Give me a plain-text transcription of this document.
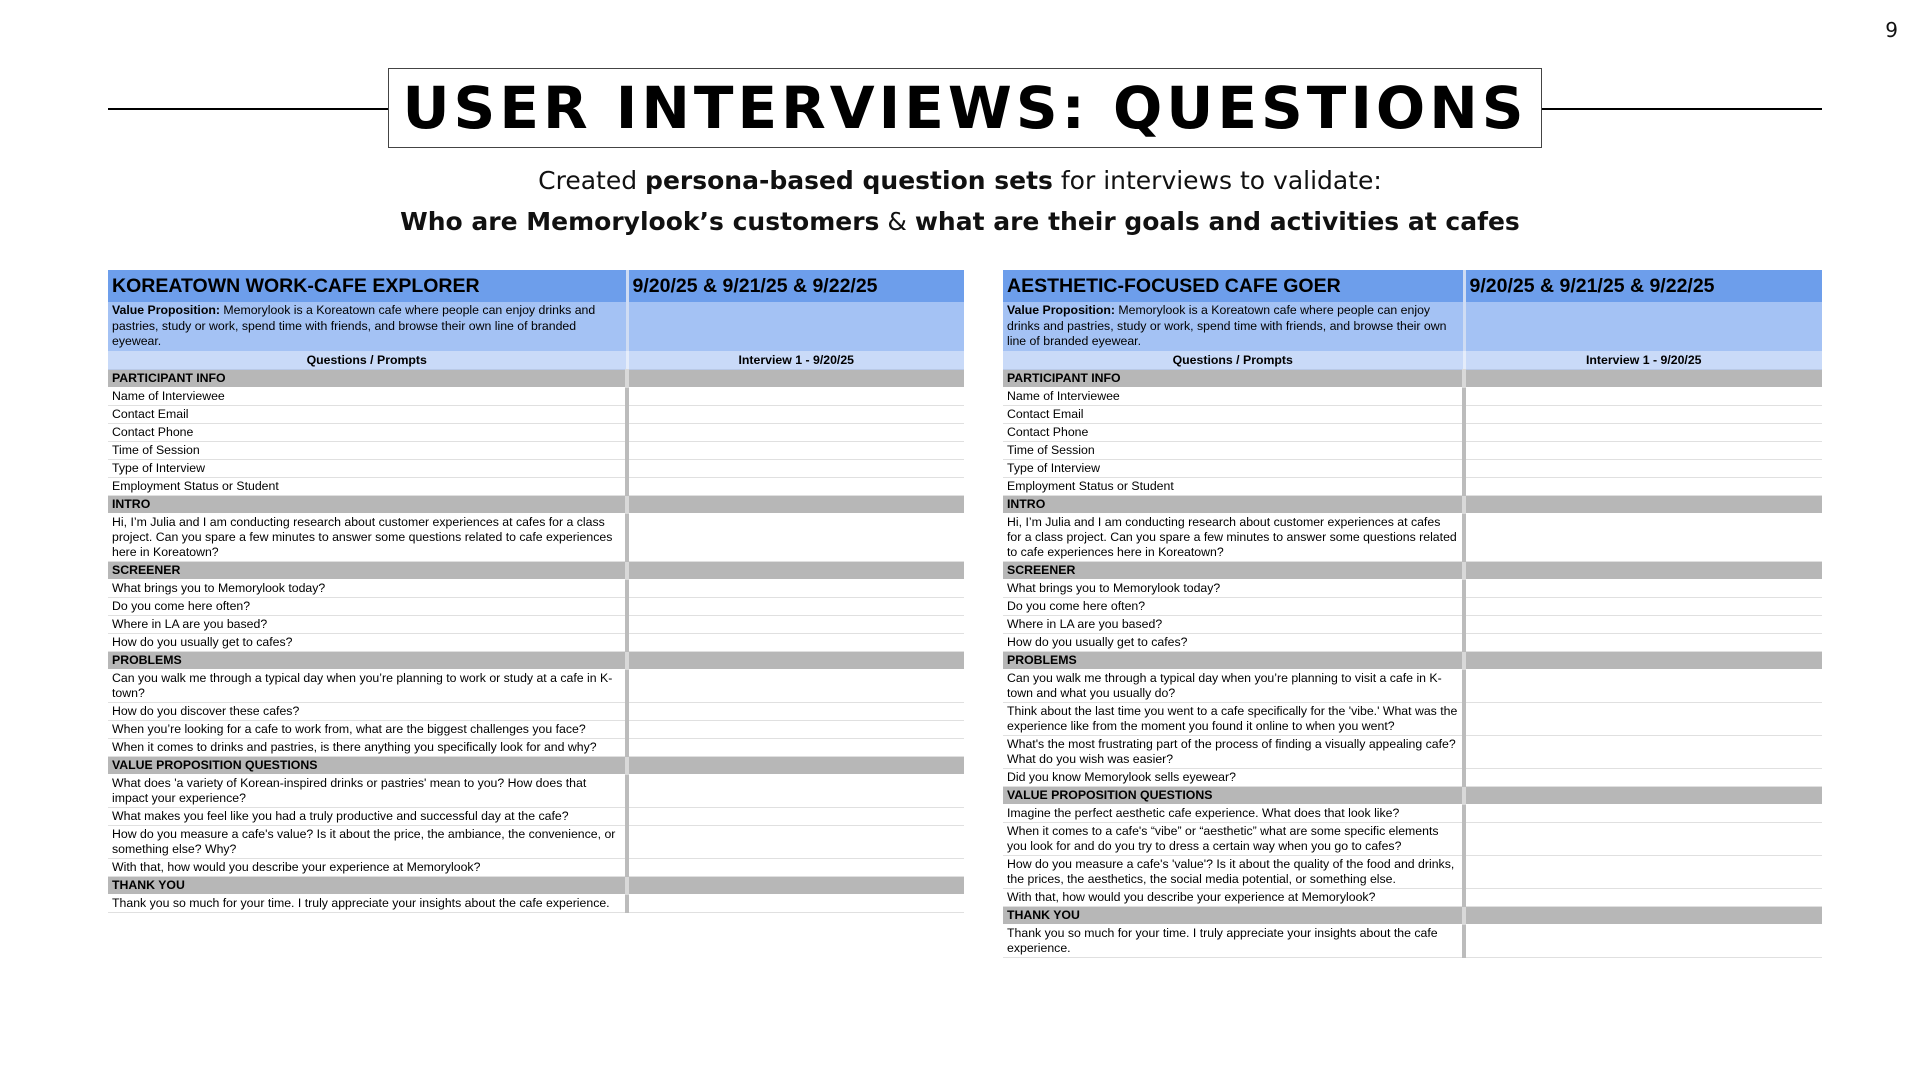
9
USER INTERVIEWS: QUESTIONS
Created persona-based question sets for interviews to validate:
Who are Memorylook’s customers & what are their goals and activities at cafes
KOREATOWN WORK-CAFE EXPLORER	9/20/25 & 9/21/25 & 9/22/25
Value Proposition: Memorylook is a Koreatown cafe where people can enjoy drinks and pastries, study or work, spend time with friends, and browse their own line of branded eyewear.	
Questions / Prompts	Interview 1 - 9/20/25
PARTICIPANT INFO	
Name of Interviewee	
Contact Email	
Contact Phone	
Time of Session	
Type of Interview	
Employment Status or Student	
INTRO	
Hi, I’m Julia and I am conducting research about customer experiences at cafes for a class project. Can you spare a few minutes to answer some questions related to cafe experiences here in Koreatown?	
SCREENER	
What brings you to Memorylook today?	
Do you come here often?	
Where in LA are you based?	
How do you usually get to cafes?	
PROBLEMS	
Can you walk me through a typical day when you’re planning to work or study at a cafe in K-town?	
How do you discover these cafes?	
When you’re looking for a cafe to work from, what are the biggest challenges you face?	
When it comes to drinks and pastries, is there anything you specifically look for and why?	
VALUE PROPOSITION QUESTIONS	
What does 'a variety of Korean-inspired drinks or pastries' mean to you? How does that impact your experience?	
What makes you feel like you had a truly productive and successful day at the cafe?	
How do you measure a cafe's value? Is it about the price, the ambiance, the convenience, or something else? Why?	
With that, how would you describe your experience at Memorylook?	
THANK YOU	
Thank you so much for your time. I truly appreciate your insights about the cafe experience.	
AESTHETIC-FOCUSED CAFE GOER	9/20/25 & 9/21/25 & 9/22/25
Value Proposition: Memorylook is a Koreatown cafe where people can enjoy drinks and pastries, study or work, spend time with friends, and browse their own line of branded eyewear.	
Questions / Prompts	Interview 1 - 9/20/25
PARTICIPANT INFO	
Name of Interviewee	
Contact Email	
Contact Phone	
Time of Session	
Type of Interview	
Employment Status or Student	
INTRO	
Hi, I’m Julia and I am conducting research about customer experiences at cafes for a class project. Can you spare a few minutes to answer some questions related to cafe experiences here in Koreatown?	
SCREENER	
What brings you to Memorylook today?	
Do you come here often?	
Where in LA are you based?	
How do you usually get to cafes?	
PROBLEMS	
Can you walk me through a typical day when you’re planning to visit a cafe in K-town and what you usually do?	
Think about the last time you went to a cafe specifically for the 'vibe.' What was the experience like from the moment you found it online to when you went?	
What's the most frustrating part of the process of finding a visually appealing cafe? What do you wish was easier?	
Did you know Memorylook sells eyewear?	
VALUE PROPOSITION QUESTIONS	
Imagine the perfect aesthetic cafe experience. What does that look like?	
When it comes to a cafe's “vibe” or “aesthetic” what are some specific elements you look for and do you try to dress a certain way when you go to cafes?	
How do you measure a cafe's 'value'? Is it about the quality of the food and drinks, the prices, the aesthetics, the social media potential, or something else.	
With that, how would you describe your experience at Memorylook?	
THANK YOU	
Thank you so much for your time. I truly appreciate your insights about the cafe experience.	
